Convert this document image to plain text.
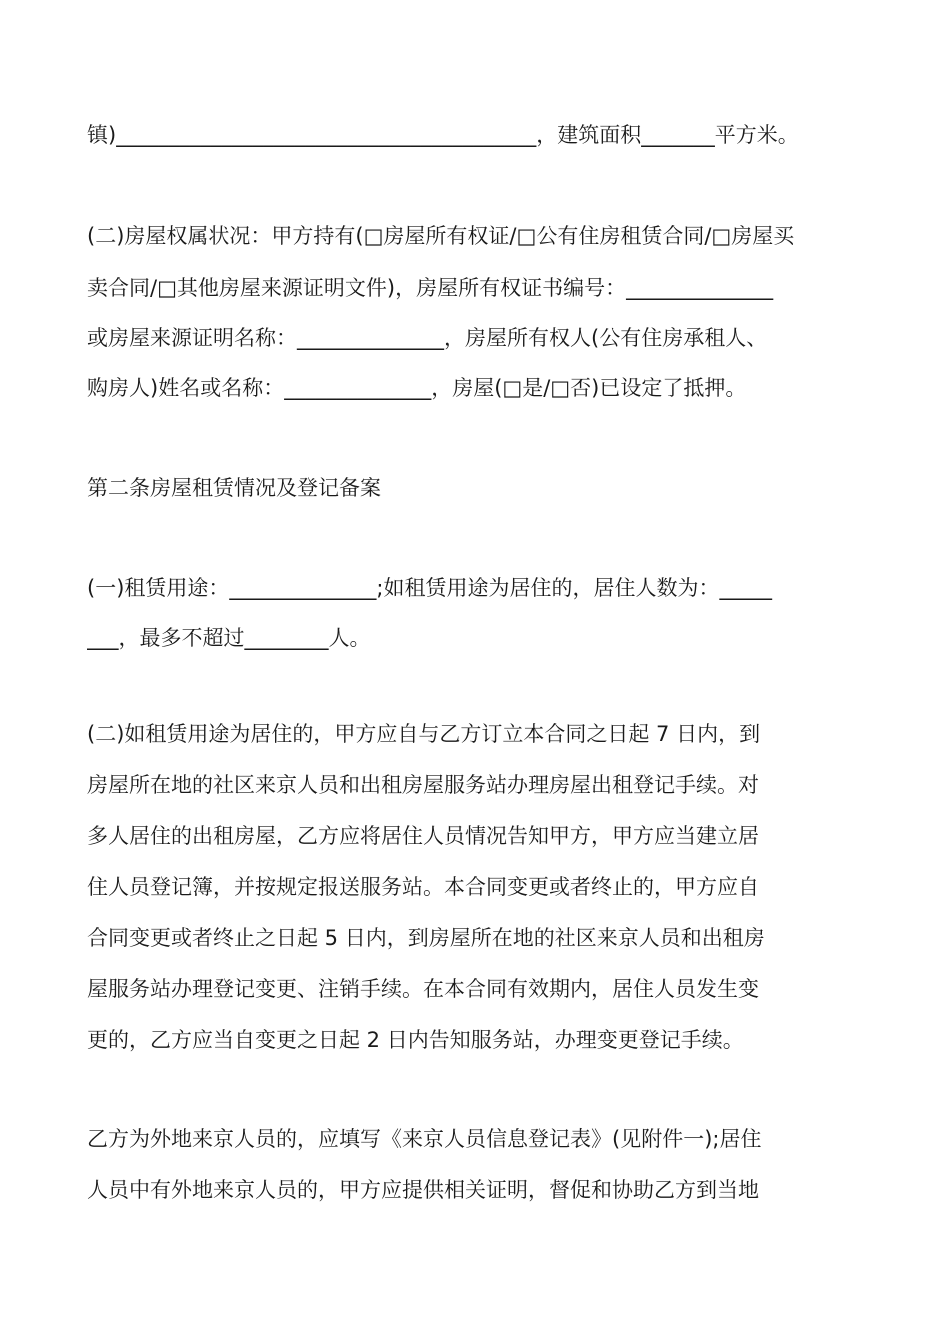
镇)________________________________________，建筑面积_______平方米。
(二)房屋权属状况：甲方持有(□房屋所有权证/□公有住房租赁合同/□房屋买
卖合同/□其他房屋来源证明文件)，房屋所有权证书编号：______________
或房屋来源证明名称：______________，房屋所有权人(公有住房承租人、
购房人)姓名或名称：______________，房屋(□是/□否)已设定了抵押。
第二条房屋租赁情况及登记备案
(一)租赁用途：______________;如租赁用途为居住的，居住人数为：_____
___，最多不超过________人。
(二)如租赁用途为居住的，甲方应自与乙方订立本合同之日起 7 日内，到
房屋所在地的社区来京人员和出租房屋服务站办理房屋出租登记手续。对
多人居住的出租房屋，乙方应将居住人员情况告知甲方，甲方应当建立居
住人员登记簿，并按规定报送服务站。本合同变更或者终止的，甲方应自
合同变更或者终止之日起 5 日内，到房屋所在地的社区来京人员和出租房
屋服务站办理登记变更、注销手续。在本合同有效期内，居住人员发生变
更的，乙方应当自变更之日起 2 日内告知服务站，办理变更登记手续。
乙方为外地来京人员的，应填写《来京人员信息登记表》(见附件一);居住
人员中有外地来京人员的，甲方应提供相关证明，督促和协助乙方到当地
